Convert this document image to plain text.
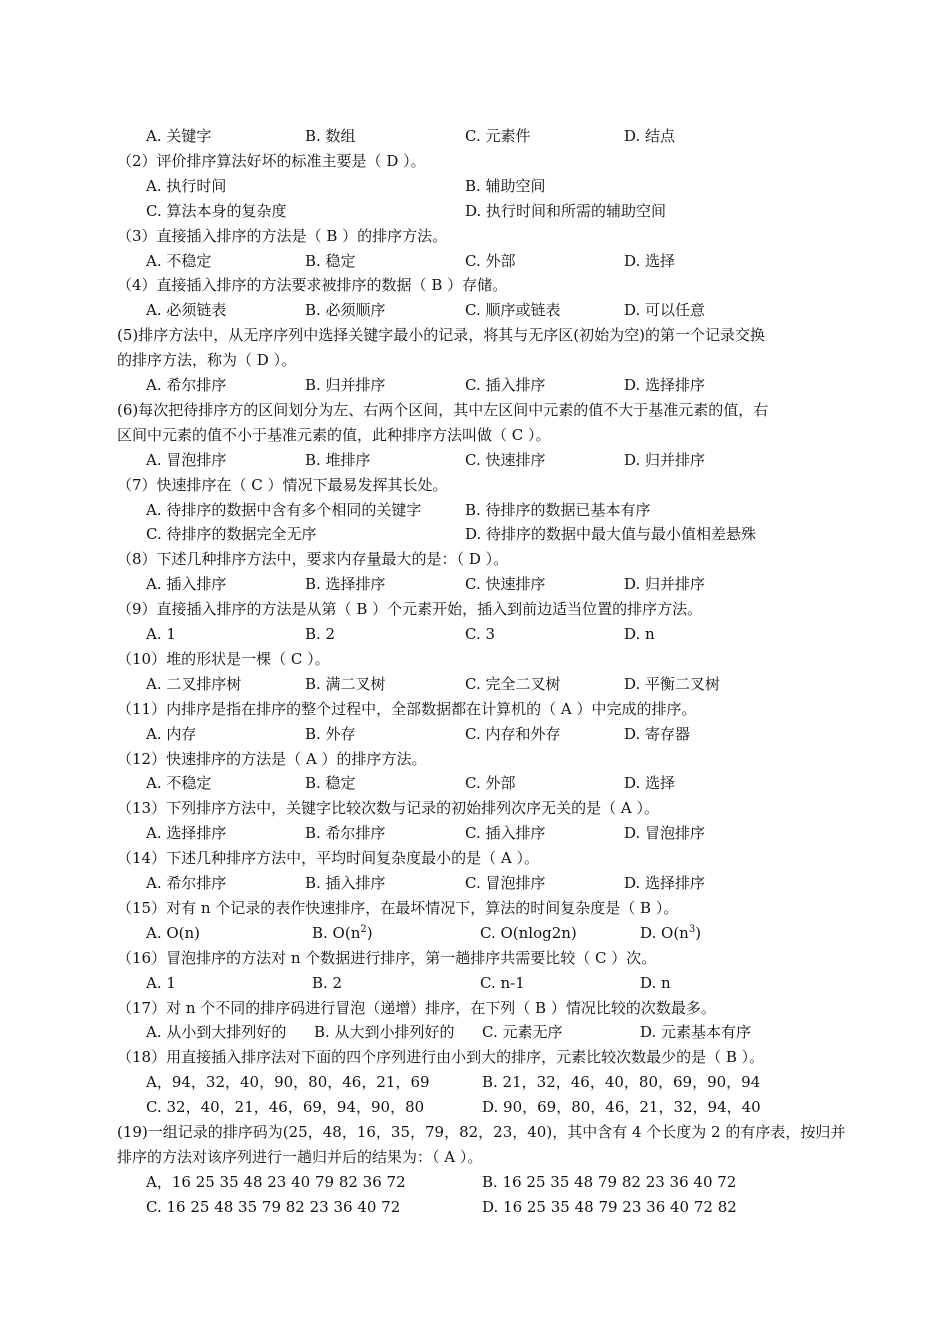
A. 关键字	B. 数组	C. 元素件	D. 结点
（2）评价排序算法好坏的标准主要是（ D ）。
A. 执行时间	B. 辅助空间
C. 算法本身的复杂度	D. 执行时间和所需的辅助空间
（3）直接插入排序的方法是（ B ）的排序方法。
A. 不稳定	B. 稳定	C. 外部	D. 选择
（4）直接插入排序的方法要求被排序的数据（ B ）存储。
A. 必须链表	B. 必须顺序	C. 顺序或链表	D. 可以任意
(5)排序方法中，从无序序列中选择关键字最小的记录，将其与无序区(初始为空)的第一个记录交换
的排序方法，称为（ D ）。
A. 希尔排序	B. 归并排序	C. 插入排序	D. 选择排序
(6)每次把待排序方的区间划分为左、右两个区间，其中左区间中元素的值不大于基准元素的值，右
区间中元素的值不小于基准元素的值，此种排序方法叫做（ C ）。
A. 冒泡排序	B. 堆排序	C. 快速排序	D. 归并排序
（7）快速排序在（ C ）情况下最易发挥其长处。
A. 待排序的数据中含有多个相同的关键字	B. 待排序的数据已基本有序
C. 待排序的数据完全无序	D. 待排序的数据中最大值与最小值相差悬殊
（8）下述几种排序方法中，要求内存量最大的是：（ D ）。
A. 插入排序	B. 选择排序	C. 快速排序	D. 归并排序
（9）直接插入排序的方法是从第（ B ）个元素开始，插入到前边适当位置的排序方法。
A. 1	B. 2	C. 3	D. n
（10）堆的形状是一棵（ C ）。
A. 二叉排序树	B. 满二叉树	C. 完全二叉树	D. 平衡二叉树
（11）内排序是指在排序的整个过程中，全部数据都在计算机的（ A ）中完成的排序。
A. 内存	B. 外存	C. 内存和外存	D. 寄存器
（12）快速排序的方法是（ A ）的排序方法。
A. 不稳定	B. 稳定	C. 外部	D. 选择
（13）下列排序方法中，关键字比较次数与记录的初始排列次序无关的是（ A ）。
A. 选择排序	B. 希尔排序	C. 插入排序	D. 冒泡排序
（14）下述几种排序方法中，平均时间复杂度最小的是（ A ）。
A. 希尔排序	B. 插入排序	C. 冒泡排序	D. 选择排序
（15）对有 n 个记录的表作快速排序，在最坏情况下，算法的时间复杂度是（ B ）。
A. O(n)	B. $O(n^2)$	C. O(nlog2n)	D. $O(n^3)$
（16）冒泡排序的方法对 n 个数据进行排序，第一趟排序共需要比较（ C ）次。
A. 1	B. 2	C. n-1	D. n
（17）对 n 个不同的排序码进行冒泡（递增）排序，在下列（ B ）情况比较的次数最多。
A. 从小到大排列好的 B. 从大到小排列好的 C. 元素无序	D. 元素基本有序
（18）用直接插入排序法对下面的四个序列进行由小到大的排序，元素比较次数最少的是（ B ）。
A，94，32，40，90，80，46，21，69	B. 21，32，46，40，80，69，90，94
C. 32，40，21，46，69，94，90，80	D. 90，69，80，46，21，32，94，40
(19)一组记录的排序码为(25，48，16，35，79，82，23，40)，其中含有 4 个长度为 2 的有序表，按归并
排序的方法对该序列进行一趟归并后的结果为：（ A ）。
A，16 25 35 48 23 40 79 82 36 72	B. 16 25 35 48 79 82 23 36 40 72
C. 16 25 48 35 79 82 23 36 40 72	D. 16 25 35 48 79 23 36 40 72 82
